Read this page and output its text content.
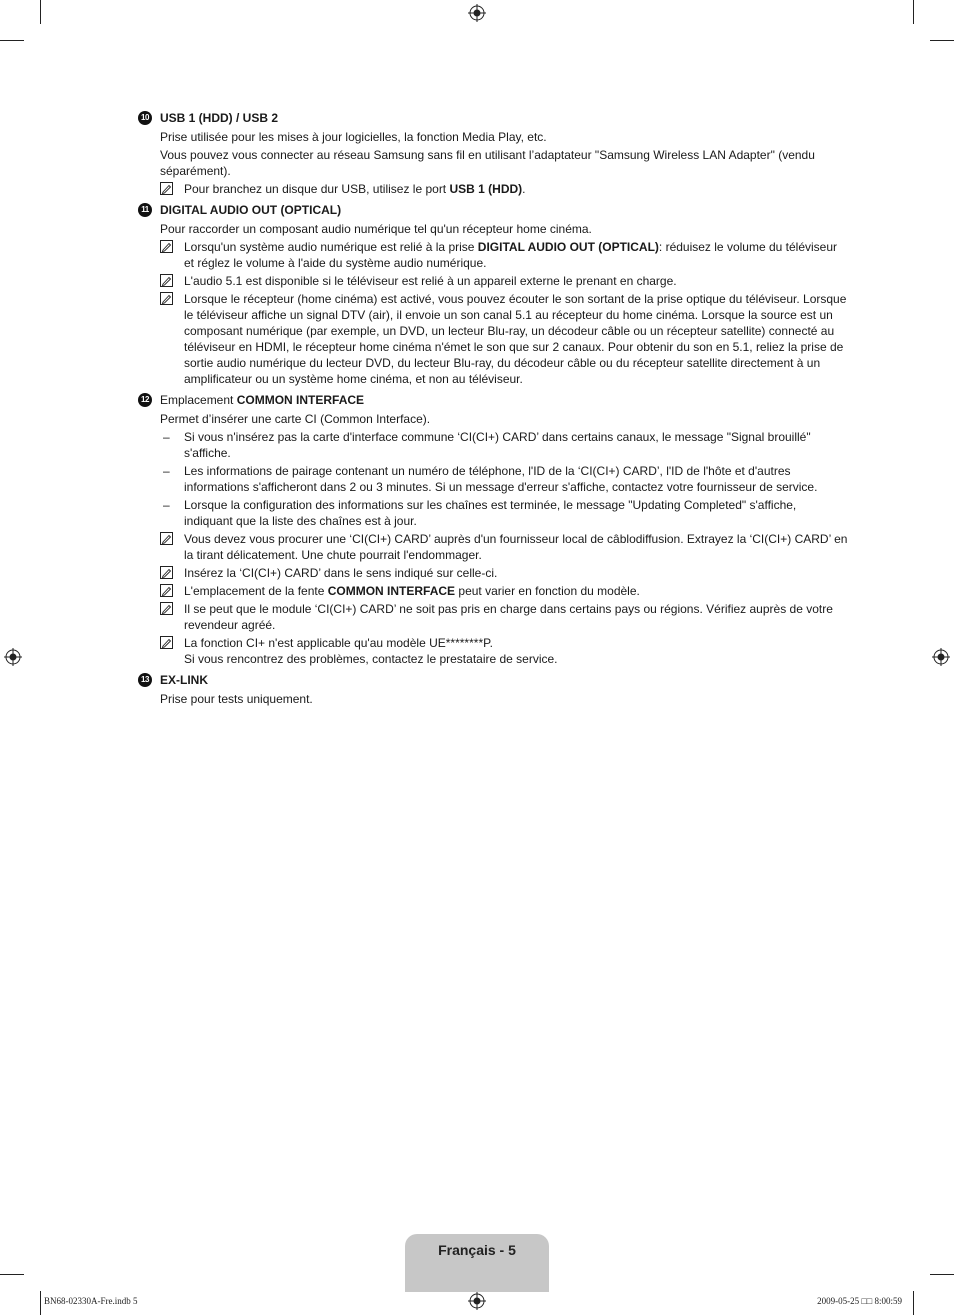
10 USB 1 (HDD) / USB 2
Prise utilisée pour les mises à jour logicielles, la fonction Media Play, etc.
Vous pouvez vous connecter au réseau Samsung sans fil en utilisant l’adaptateur "Samsung Wireless LAN Adapter" (vendu séparément).
Pour branchez un disque dur USB, utilisez le port USB 1 (HDD).
11 DIGITAL AUDIO OUT (OPTICAL)
Pour raccorder un composant audio numérique tel qu'un récepteur home cinéma.
Lorsqu'un système audio numérique est relié à la prise DIGITAL AUDIO OUT (OPTICAL): réduisez le volume du téléviseur et réglez le volume à l'aide du système audio numérique.
L'audio 5.1 est disponible si le téléviseur est relié à un appareil externe le prenant en charge.
Lorsque le récepteur (home cinéma) est activé, vous pouvez écouter le son sortant de la prise optique du téléviseur. Lorsque le téléviseur affiche un signal DTV (air), il envoie un son canal 5.1 au récepteur du home cinéma. Lorsque la source est un composant numérique (par exemple, un DVD, un lecteur Blu-ray, un décodeur câble ou un récepteur satellite) connecté au téléviseur en HDMI, le récepteur home cinéma n'émet le son que sur 2 canaux. Pour obtenir du son en 5.1, reliez la prise de sortie audio numérique du lecteur DVD, du lecteur Blu-ray, du décodeur câble ou du récepteur satellite directement à un amplificateur ou un système home cinéma, et non au téléviseur.
12 Emplacement COMMON INTERFACE
Permet d’insérer une carte CI (Common Interface).
– Si vous n'insérez pas la carte d'interface commune ‘CI(CI+) CARD’ dans certains canaux, le message "Signal brouillé" s'affiche.
– Les informations de pairage contenant un numéro de téléphone, l'ID de la ‘CI(CI+) CARD’, l'ID de l'hôte et d'autres informations s'afficheront dans 2 ou 3 minutes. Si un message d'erreur s'affiche, contactez votre fournisseur de service.
– Lorsque la configuration des informations sur les chaînes est terminée, le message "Updating Completed" s'affiche, indiquant que la liste des chaînes est à jour.
Vous devez vous procurer une ‘CI(CI+) CARD’ auprès d'un fournisseur local de câblodiffusion. Extrayez la ‘CI(CI+) CARD’ en la tirant délicatement. Une chute pourrait l'endommager.
Insérez la ‘CI(CI+) CARD’ dans le sens indiqué sur celle-ci.
L'emplacement de la fente COMMON INTERFACE peut varier en fonction du modèle.
Il se peut que le module ‘CI(CI+) CARD’ ne soit pas pris en charge dans certains pays ou régions. Vérifiez auprès de votre revendeur agréé.
La fonction CI+ n'est applicable qu'au modèle UE********P.
Si vous rencontrez des problèmes, contactez le prestataire de service.
13 EX-LINK
Prise pour tests uniquement.
Français - 5
BN68-02330A-Fre.indb 5	2009-05-25 □□ 8:00:59
